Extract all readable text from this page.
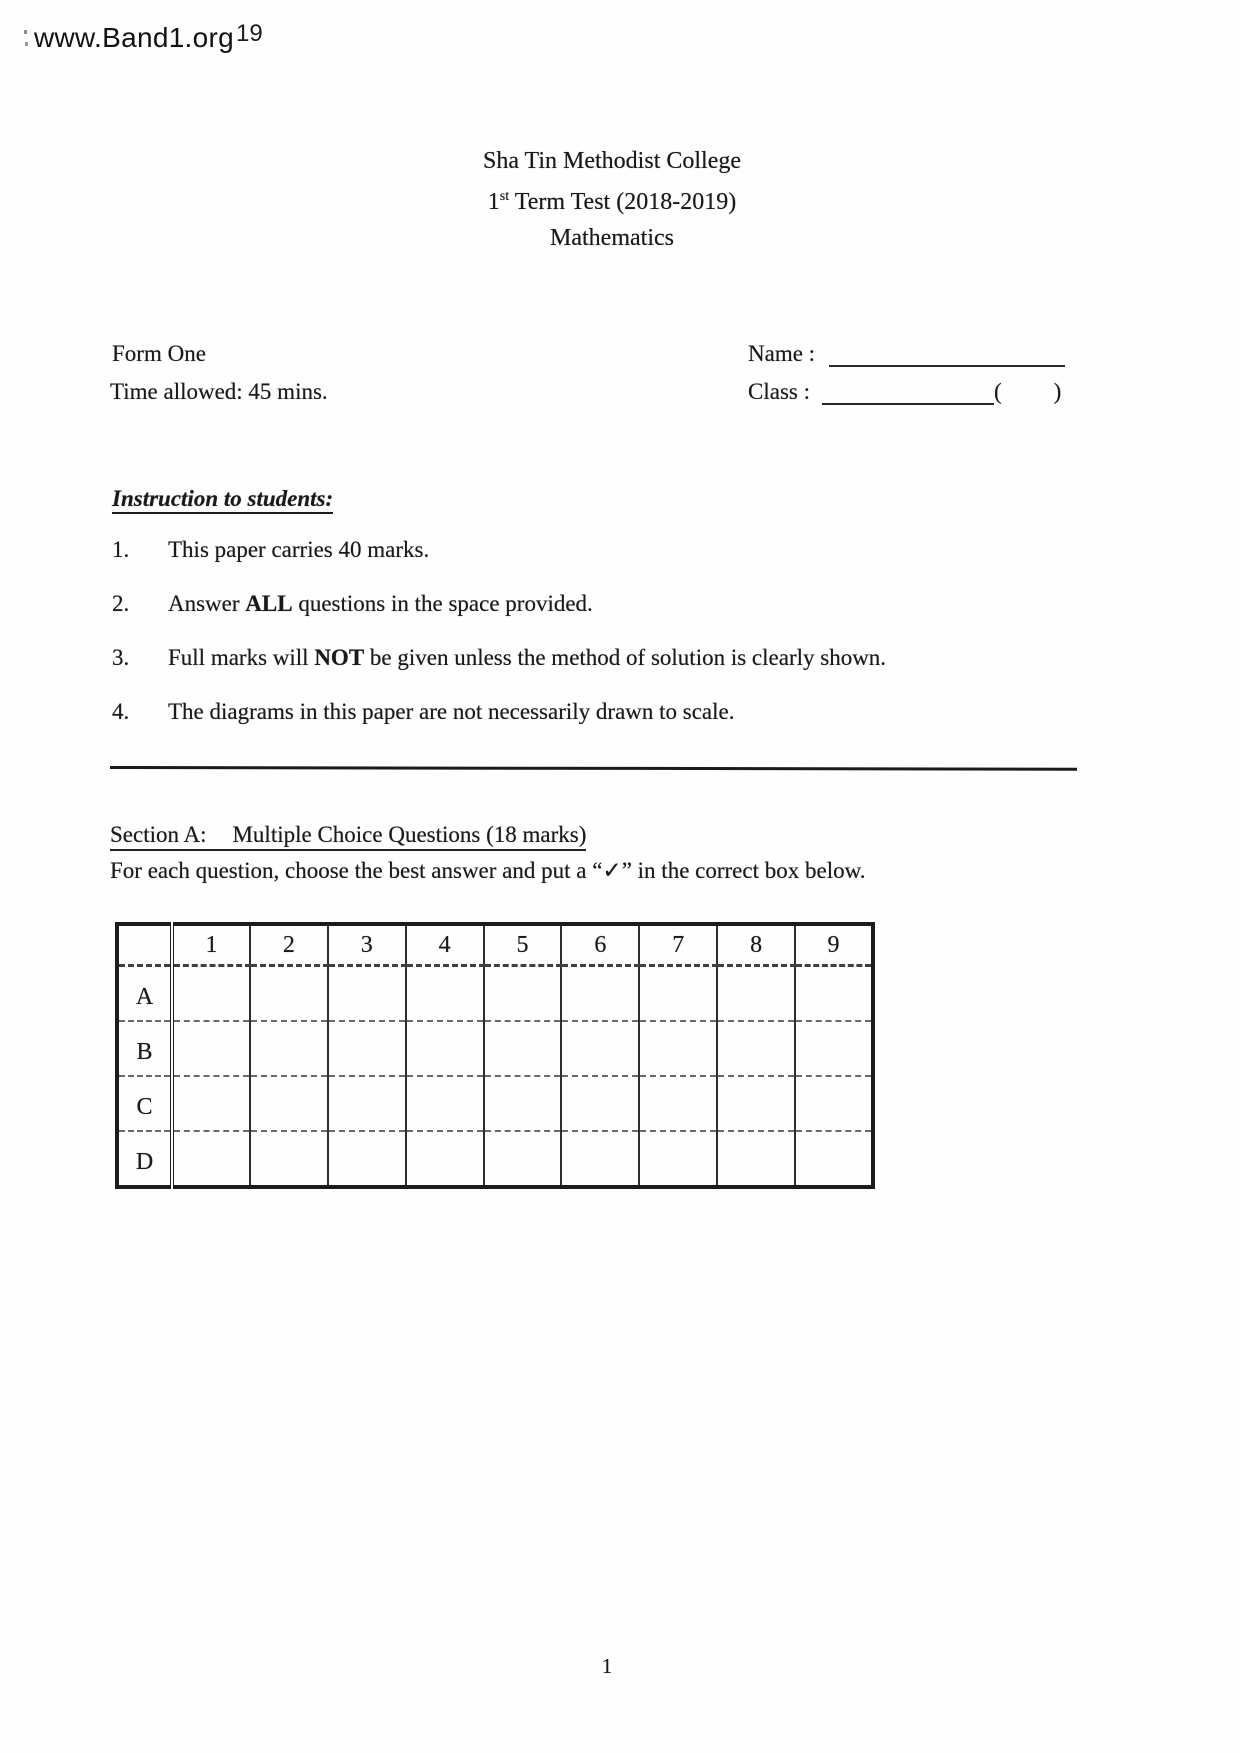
www.Band1.org 19
Sha Tin Methodist College
1st Term Test (2018-2019)
Mathematics
Form One
Time allowed: 45 mins.
Name :
Class :	( )
Instruction to students:
1. This paper carries 40 marks.
2. Answer ALL questions in the space provided.
3. Full marks will NOT be given unless the method of solution is clearly shown.
4. The diagrams in this paper are not necessarily drawn to scale.
Section A: Multiple Choice Questions (18 marks)
For each question, choose the best answer and put a “✓” in the correct box below.
	1	2	3	4	5	6	7	8	9
A									
B									
C									
D									
1
